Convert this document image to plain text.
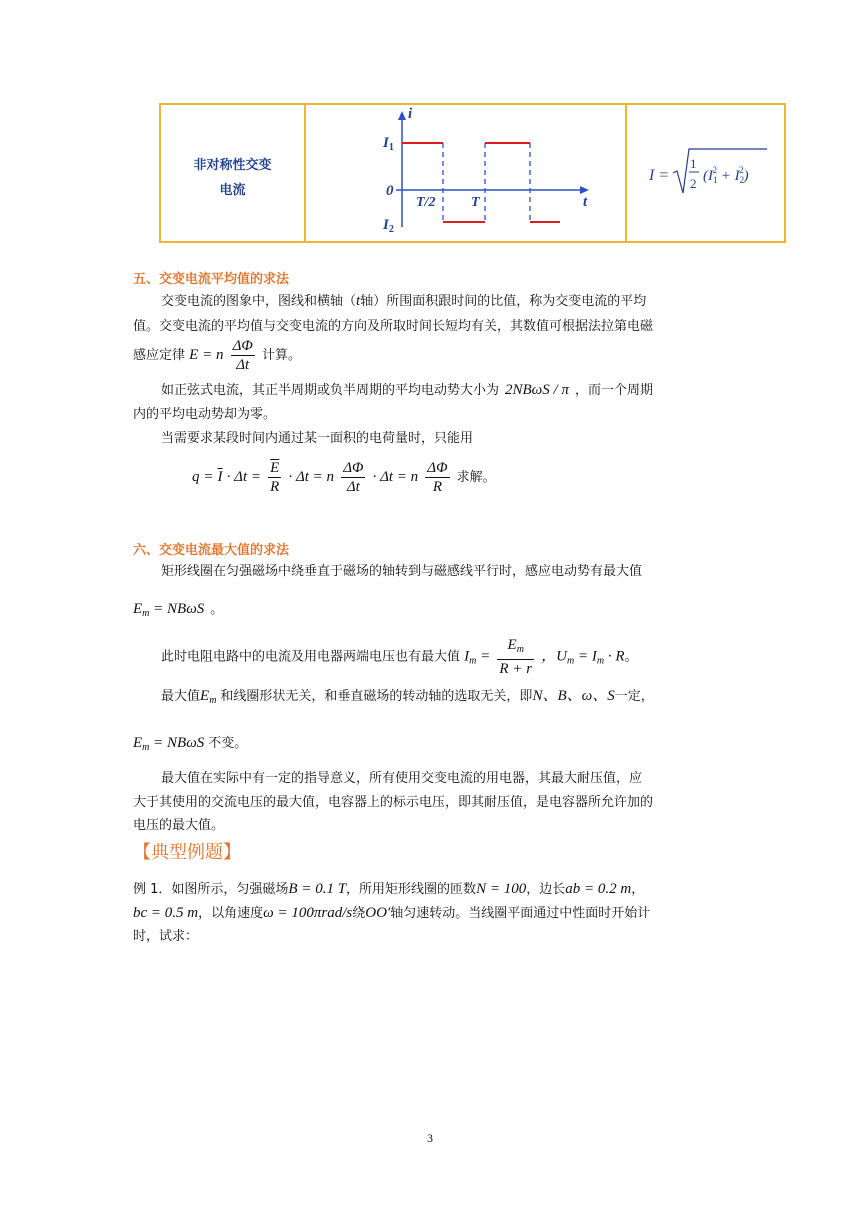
非对称性交变
电流
i
t
$I_1$
$I_2$
0
T/2	T
I =
1
2 $(I_12 + I_22)$
五、交变电流平均值的求法
交变电流的图象中，图线和横轴（t轴）所围面积跟时间的比值，称为交变电流的平均
值。交变电流的平均值与交变电流的方向及所取时间长短均有关，其数值可根据法拉第电磁
感应定律 E = n $\frac{\Delta\Phi}{\Delta t}$ 计算。
如正弦式电流，其正半周期或负半周期的平均电动势大小为 2NBωS / π ，而一个周期
内的平均电动势却为零。
当需要求某段时间内通过某一面积的电荷量时，只能用
$q = \overline{I} \cdot \Delta t = \frac{\overline{E}}{R} \cdot \Delta t = n \frac{\Delta\Phi}{\Delta t} \cdot \Delta t = n \frac{\Delta\Phi}{R}$ 求解。
六、交变电流最大值的求法
矩形线圈在匀强磁场中绕垂直于磁场的轴转到与磁感线平行时，感应电动势有最大值
$E_m = NB\omega S$ 。
此时电阻电路中的电流及用电器两端电压也有最大值 $I_m = \frac{E_m}{R + r}$ ，$U_m = I_m \cdot R$。
最大值$E_m$ 和线圈形状无关，和垂直磁场的转动轴的选取无关，即N、B、ω、S一定，
$E_m = NB\omega S$ 不变。
最大值在实际中有一定的指导意义，所有使用交变电流的用电器，其最大耐压值，应
大于其使用的交流电压的最大值，电容器上的标示电压，即其耐压值，是电容器所允许加的
电压的最大值。
【典型例题】
例 1．如图所示，匀强磁场B = 0.1 T，所用矩形线圈的匝数N = 100，边长ab = 0.2 m，
bc = 0.5 m，以角速度ω = 100πrad/s绕OO′轴匀速转动。当线圈平面通过中性面时开始计
时，试求：
3
